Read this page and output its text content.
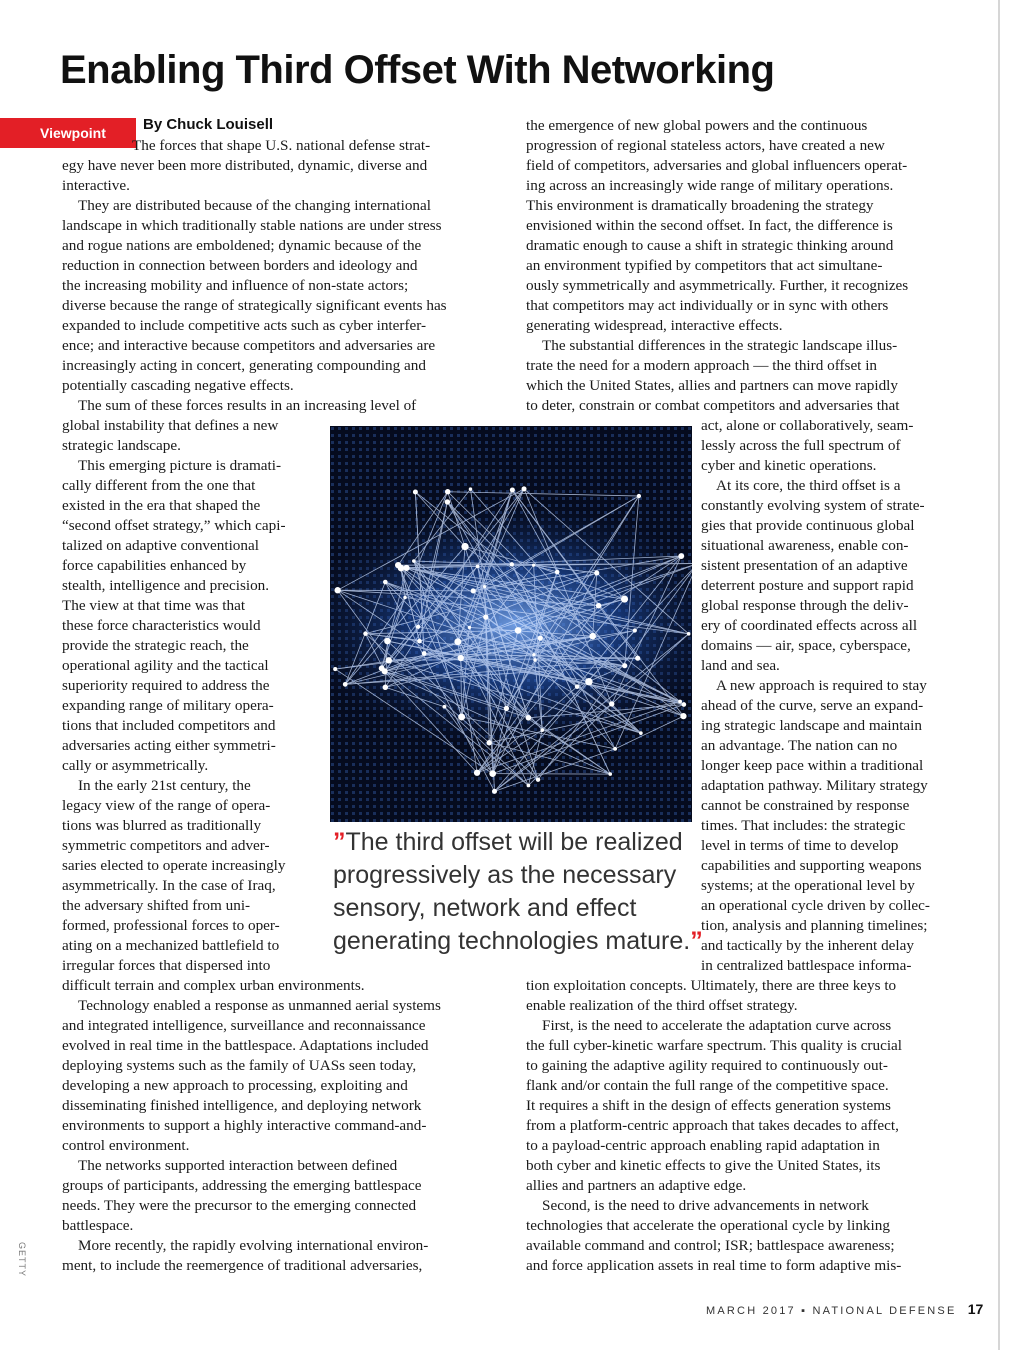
Enabling Third Offset With Networking
Viewpoint	By Chuck Louisell
The forces that shape U.S. national defense strat-
egy have never been more distributed, dynamic, diverse and
interactive.
They are distributed because of the changing international
landscape in which traditionally stable nations are under stress
and rogue nations are emboldened; dynamic because of the
reduction in connection between borders and ideology and
the increasing mobility and influence of non-state actors;
diverse because the range of strategically significant events has
expanded to include competitive acts such as cyber interfer-
ence; and interactive because competitors and adversaries are
increasingly acting in concert, generating compounding and
potentially cascading negative effects.
The sum of these forces results in an increasing level of
global instability that defines a new
strategic landscape.
This emerging picture is dramati-
cally different from the one that
existed in the era that shaped the
“second offset strategy,” which capi-
talized on adaptive conventional
force capabilities enhanced by
stealth, intelligence and precision.
The view at that time was that
these force characteristics would
provide the strategic reach, the
operational agility and the tactical
superiority required to address the
expanding range of military opera-
tions that included competitors and
adversaries acting either symmetri-
cally or asymmetrically.
In the early 21st century, the
legacy view of the range of opera-
tions was blurred as traditionally
symmetric competitors and adver-
saries elected to operate increasingly
asymmetrically. In the case of Iraq,
the adversary shifted from uni-
formed, professional forces to oper-
ating on a mechanized battlefield to
irregular forces that dispersed into
difficult terrain and complex urban environments.
Technology enabled a response as unmanned aerial systems
and integrated intelligence, surveillance and reconnaissance
evolved in real time in the battlespace. Adaptations included
deploying systems such as the family of UASs seen today,
developing a new approach to processing, exploiting and
disseminating finished intelligence, and deploying network
environments to support a highly interactive command-and-
control environment.
The networks supported interaction between defined
groups of participants, addressing the emerging battlespace
needs. They were the precursor to the emerging connected
battlespace.
More recently, the rapidly evolving international environ-
ment, to include the reemergence of traditional adversaries,
the emergence of new global powers and the continuous
progression of regional stateless actors, have created a new
field of competitors, adversaries and global influencers operat-
ing across an increasingly wide range of military operations.
This environment is dramatically broadening the strategy
envisioned within the second offset. In fact, the difference is
dramatic enough to cause a shift in strategic thinking around
an environment typified by competitors that act simultane-
ously symmetrically and asymmetrically. Further, it recognizes
that competitors may act individually or in sync with others
generating widespread, interactive effects.
The substantial differences in the strategic landscape illus-
trate the need for a modern approach — the third offset in
which the United States, allies and partners can move rapidly
to deter, constrain or combat competitors and adversaries that
act, alone or collaboratively, seam-
lessly across the full spectrum of
cyber and kinetic operations.
At its core, the third offset is a
constantly evolving system of strate-
gies that provide continuous global
situational awareness, enable con-
sistent presentation of an adaptive
deterrent posture and support rapid
global response through the deliv-
ery of coordinated effects across all
domains — air, space, cyberspace,
land and sea.
A new approach is required to stay
ahead of the curve, serve an expand-
ing strategic landscape and maintain
an advantage. The nation can no
longer keep pace within a traditional
adaptation pathway. Military strategy
cannot be constrained by response
times. That includes: the strategic
level in terms of time to develop
capabilities and supporting weapons
systems; at the operational level by
an operational cycle driven by collec-
tion, analysis and planning timelines;
and tactically by the inherent delay
in centralized battlespace informa-
tion exploitation concepts. Ultimately, there are three keys to
enable realization of the third offset strategy.
First, is the need to accelerate the adaptation curve across
the full cyber-kinetic warfare spectrum. This quality is crucial
to gaining the adaptive agility required to continuously out-
flank and/or contain the full range of the competitive space.
It requires a shift in the design of effects generation systems
from a platform-centric approach that takes decades to affect,
to a payload-centric approach enabling rapid adaptation in
both cyber and kinetic effects to give the United States, its
allies and partners an adaptive edge.
Second, is the need to drive advancements in network
technologies that accelerate the operational cycle by linking
available command and control; ISR; battlespace awareness;
and force application assets in real time to form adaptive mis-
”The third offset will be realized
progressively as the necessary
sensory, network and effect
generating technologies mature.”
GETTY
MARCH 2017 ▪ NATIONAL DEFENSE 17
